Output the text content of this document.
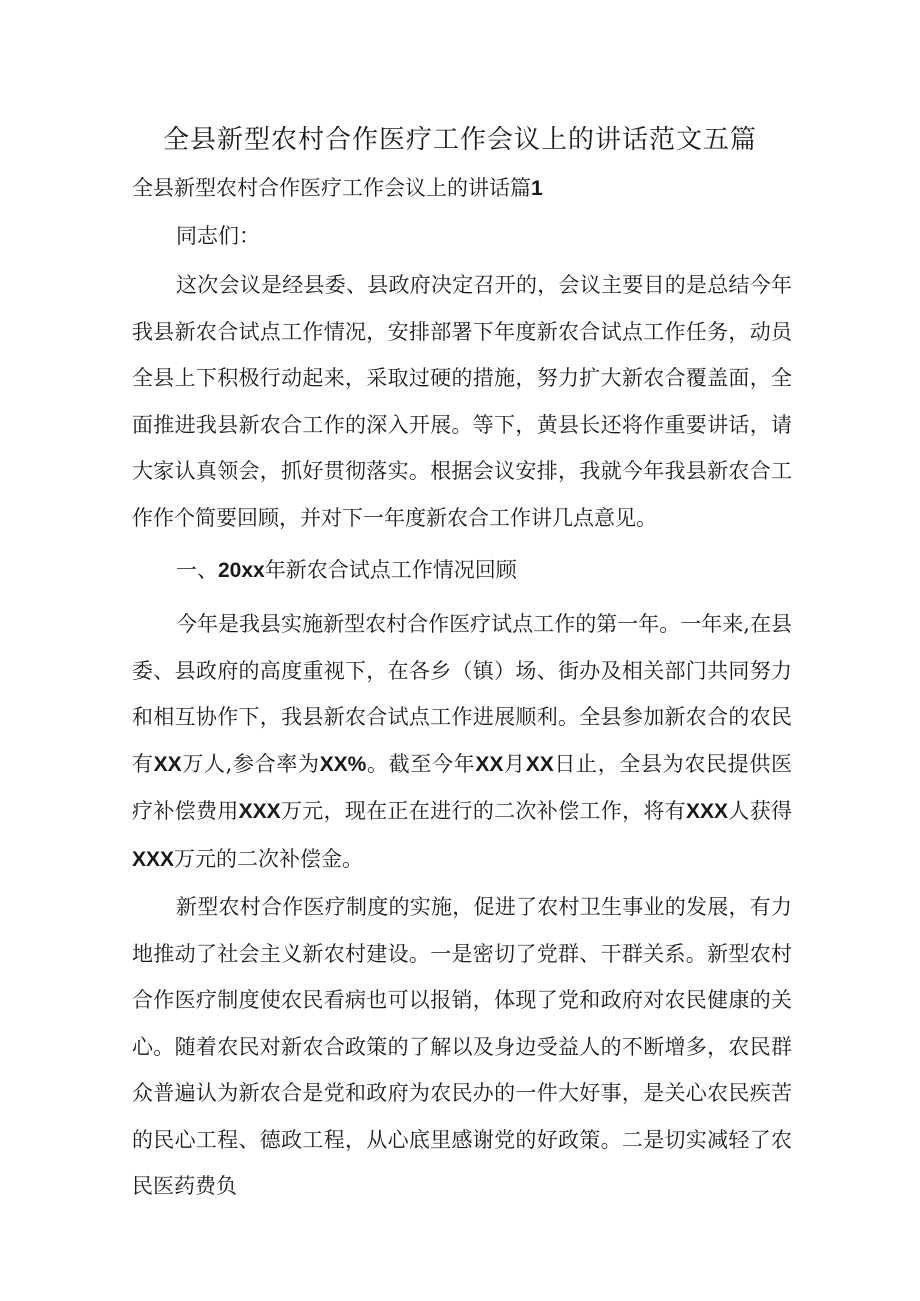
全县新型农村合作医疗工作会议上的讲话范文五篇
全县新型农村合作医疗工作会议上的讲话篇1

同志们：

这次会议是经县委、县政府决定召开的，会议主要目的是总结今年我县新农合试点工作情况，安排部署下年度新农合试点工作任务，动员全县上下积极行动起来，采取过硬的措施，努力扩大新农合覆盖面，全面推进我县新农合工作的深入开展。等下，黄县长还将作重要讲话，请大家认真领会，抓好贯彻落实。根据会议安排，我就今年我县新农合工作作个简要回顾，并对下一年度新农合工作讲几点意见。

一、20xx年新农合试点工作情况回顾

今年是我县实施新型农村合作医疗试点工作的第一年。一年来,在县委、县政府的高度重视下，在各乡（镇）场、街办及相关部门共同努力和相互协作下，我县新农合试点工作进展顺利。全县参加新农合的农民有XX万人,参合率为XX%。截至今年XX月XX日止，全县为农民提供医疗补偿费用XXX万元，现在正在进行的二次补偿工作，将有XXX人获得XXX万元的二次补偿金。

新型农村合作医疗制度的实施，促进了农村卫生事业的发展，有力地推动了社会主义新农村建设。一是密切了党群、干群关系。新型农村合作医疗制度使农民看病也可以报销，体现了党和政府对农民健康的关心。随着农民对新农合政策的了解以及身边受益人的不断增多，农民群众普遍认为新农合是党和政府为农民办的一件大好事，是关心农民疾苦的民心工程、德政工程，从心底里感谢党的好政策。二是切实减轻了农民医药费负
